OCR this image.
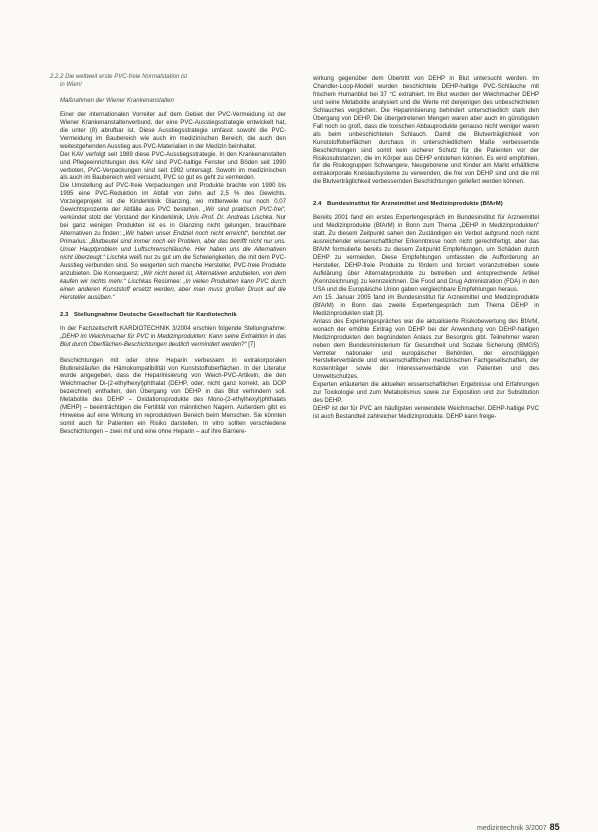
2.2.2 Die weltweit erste PVC-freie Normalstation ist

in Wien!

Maßnahmen der Wiener Krankenanstalten

Einer der internationalen Vorreiter auf dem Gebiet der PVC-Vermeidung ist der Wiener Krankenanstaltenverbund, der eine PVC-Ausstiegsstrategie entwickelt hat, die unter (8) abrufbar ist. Diese Ausstiegsstrategie umfasst sowohl die PVC-Vermeidung im Baubereich wie auch im medizinischen Bereich, die auch den weitestgehenden Ausstieg aus PVC-Materialien in der Medizin beinhaltet.

Der KAV verfolgt seit 1989 diese PVC-Ausstiegsstrategie. In den Krankenanstalten und Pflegeeinrichtungen des KAV sind PVC-haltige Fenster und Böden seit 1990 verboten, PVC-Verpackungen sind seit 1992 untersagt. Sowohl im medizinischen als auch im Baubereich wird versucht, PVC so gut es geht zu vermeiden.

Die Umstellung auf PVC-freie Verpackungen und Produkte brachte von 1990 bis 1995 eine PVC-Reduktion im Abfall von zehn auf 2,5 % des Gewichts. Vorzeigeprojekt ist die Kinderklinik Glanzing, wo mittlerweile nur noch 0,07 Gewichtsprozente der Abfälle aus PVC bestehen. „Wir sind praktisch PVC-frei“, verkündet stolz der Vorstand der Kinderklinik, Univ.-Prof. Dr. Andreas Lischka. Nur bei ganz wenigen Produkten ist es in Glanzing nicht gelungen, brauchbare Alternativen zu finden: „Wir haben unser Endziel noch nicht erreicht“, berichtet der Primarius: „Blutbeutel sind immer noch ein Problem, aber das betrifft nicht nur uns. Unser Hauptproblem und Luftschrenschläuche. Hier haben uns die Alternativen nicht überzeugt.“ Lischka weiß nur zu gut um die Schwierigkeiten, die mit dem PVC-Ausstieg verbunden sind. So weigerten sich manche Hersteller, PVC-freie Produkte anzubieten. Die Konsequenz: „Wir nicht bereit ist, Alternativen anzubieten, von dem kaufen wir nichts mehr.“ Lischkas Resümee: „In vielen Produkten kann PVC durch einen anderen Kunststoff ersetzt werden, aber man muss großen Druck auf die Hersteller ausüben.“

2.3 Stellungnahme Deutsche Gesellschaft für Kardiotechnik

In der Fachzeitschrift KARDIOTECHNIK 3/2004 erschien folgende Stellungnahme: „DEHP im Weichmacher für PVC in Medizinprodukten: Kann seine Extraktion in das Blut durch Oberflächen-Beschichtungen deutlich vermindert werden?“ [7]

Beschichtungen mit oder ohne Heparin verbessern in extrakorporalen Blutkreisläufen die Hämokompatibilität von Kunststoffoberflächen. In der Literatur wurde angegeben, dass die Heparinisierung von Weich-PVC-Artikeln, die den Weichmacher Di-(2-ethylhexyl)phthalat (DEHP, oder, nicht ganz korrekt, als DOP bezeichnet) enthalten, den Übergang von DEHP in das Blut verhindern soll. Metabolite des DEHP – Oxidationsprodukte des Mono-(2-ethylhexyl)phthalats (MEHP) – beeinträchtigen die Fertilität von männlichen Nagern. Außerdem gibt es Hinweise auf eine Wirkung im reproduktiven Bereich beim Menschen. Sie könnten somit auch für Patienten ein Risiko darstellen. In vitro sollten verschiedene Beschichtungen – zwei mit und eine ohne Heparin – auf ihre Barriere-

wirkung gegenüber dem Übertritt von DEHP in Blut untersucht werden. Im Chandler-Loop-Modell wurden beschichtete DEHP-haltige PVC-Schläuche mit frischem Humanblut bei 37 °C extrahiert. Im Blut wurden der Weichmacher DEHP und seine Metabolite analysiert und die Werte mit denjenigen des unbeschichteten Schlauches verglichen. Die Heparinisierung behindert unterschiedlich stark den Übergang von DEHP. Die übergetretenen Mengen waren aber auch im günstigsten Fall noch so groß, dass die toxischen Abbauprodukte genauso nicht weniger waren als beim unbeschichteten Schlauch. Damit die Blutverträglichkeit von Kunststoffoberflächen durchaus in unterschiedlichem Maße verbessernde Beschichtungen sind somit kein sicherer Schutz für die Patienten vor der Risikosubstanzen, die im Körper aus DEHP entstehen können. Es wird empfohlen, für die Risikogruppen Schwangere, Neugeborene und Kinder am Markt erhältliche extrakorporale Kreislaufsysteme zu verwenden, die frei von DEHP sind und die mit die Blutverträglichkeit verbessernden Beschichtungen geliefert werden können.

2.4 Bundesinstitut für Arzneimittel und Medizinprodukte (BfArM)

Bereits 2001 fand ein erstes Expertengespräch im Bundesinstitut für Arzneimittel und Medizinprodukte (BfArM) in Bonn zum Thema „DEHP in Medizinprodukten“ statt. Zu diesem Zeitpunkt sahen den Zuständigen ein Verbot aufgrund noch nicht ausreichender wissenschaftlicher Erkenntnisse noch nicht gerechtfertigt, aber das BfArM formulierte bereits zu diesem Zeitpunkt Empfehlungen, um Schäden durch DEHP zu vermeiden. Diese Empfehlungen umfassten die Aufforderung an Hersteller, DEHP-freie Produkte zu fördern und forciert voranzutreiben sowie Aufklärung über Alternativprodukte zu betreiben und entsprechende Artikel (Kennzeichnung) zu kennzeichnen. Die Food and Drug Administration (FDA) in den USA und die Europäische Union gaben vergleichbare Empfehlungen heraus.

Am 15. Januar 2005 fand im Bundesinstitut für Arzneimittel und Medizinprodukte (BfArM) in Bonn das zweite Expertengespräch zum Thema DEHP in Medizinprodukten statt [3].

Anlass des Expertengespräches war die aktualisierte Risikobewertung des BfArM, wonach der erhöhte Eintrag von DEHP bei der Anwendung von DEHP-haltigen Medizinprodukten den begründeten Anlass zur Besorgnis gibt. Teilnehmer waren neben dem Bundesministerium für Gesundheit und Soziale Sicherung (BMGS) Vertreter nationaler und europäischer Behörden, der einschlägigen Herstellerverbände und wissenschaftlichen medizinischen Fachgesellschaften, der Kostenträger sowie der Interessenverbände von Patienten und des Umweltschutzes.

Experten erläuterten die aktuellen wissenschaftlichen Ergebnisse und Erfahrungen zur Toxikologie und zum Metabolismus sowie zur Exposition und zur Substitution des DEHP.

DEHP ist der für PVC am häufigsten verwendete Weichmacher. DEHP-haltige PVC ist auch Bestandteil zahlreicher Medizinprodukte. DEHP kann freige-

medizintechnik 3/2007 85
